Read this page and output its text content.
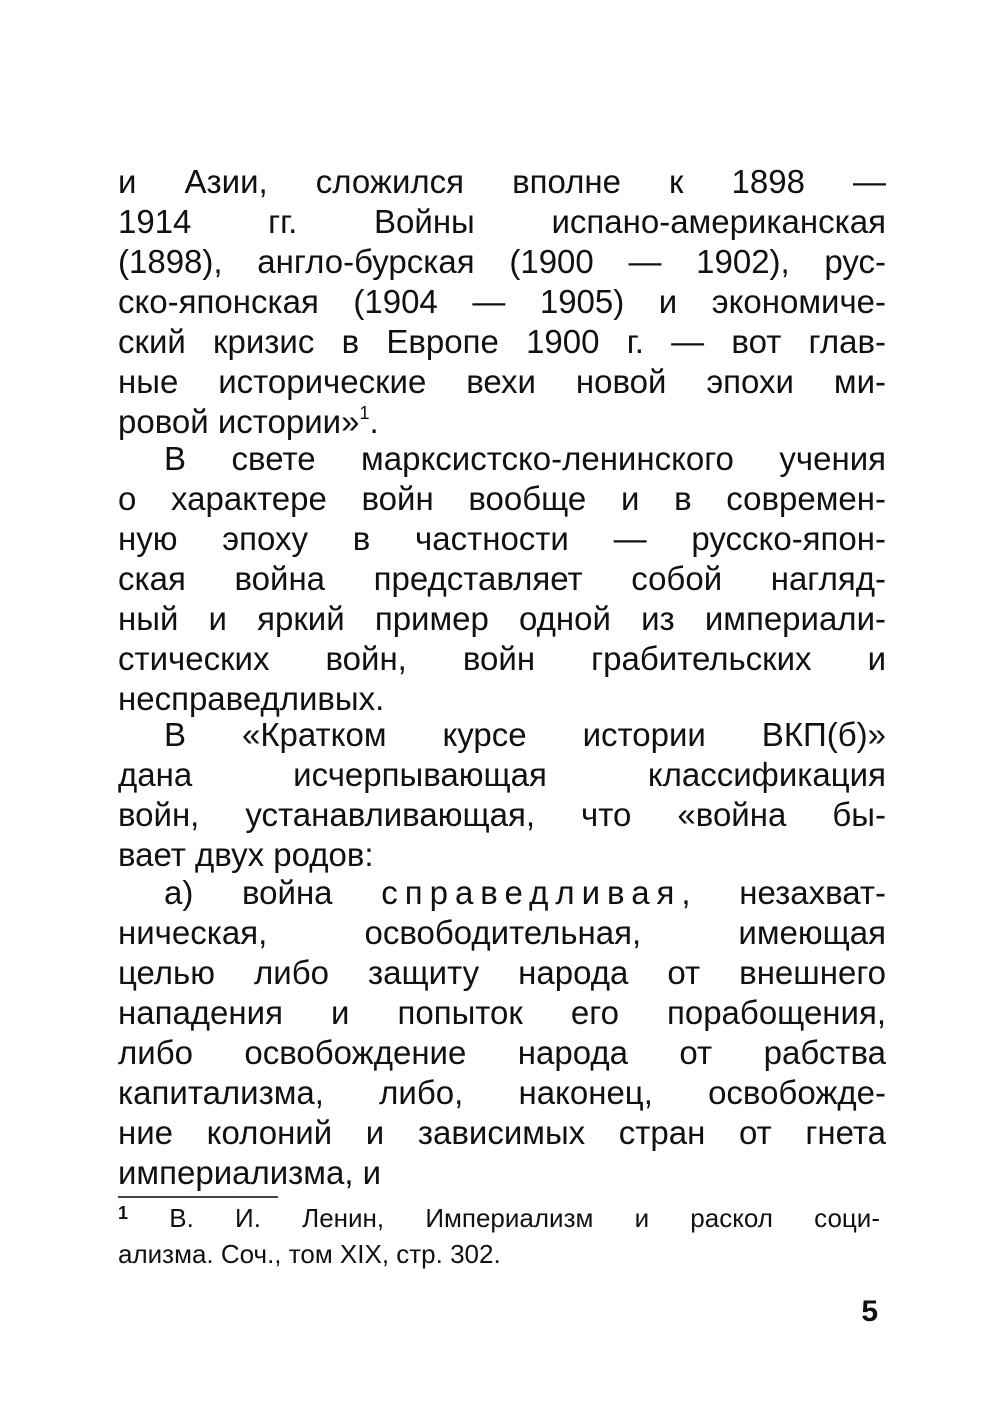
и Азии, сложился вполне к 1898 —
1914 гг. Войны испано-американская
(1898), англо-бурская (1900 — 1902), рус-
ско-японская (1904 — 1905) и экономиче-
ский кризис в Европе 1900 г. — вот глав-
ные исторические вехи новой эпохи ми-
ровой истории»$^1$.
В свете марксистско-ленинского учения
о характере войн вообще и в современ-
ную эпоху в частности — русско-япон-
ская война представляет собой нагляд-
ный и яркий пример одной из империали-
стических войн, войн грабительских и
несправедливых.
В «Кратком курсе истории ВКП(б)»
дана исчерпывающая классификация
войн, устанавливающая, что «война бы-
вает двух родов:
а) война справедливая, незахват-
ническая, освободительная, имеющая
целью либо защиту народа от внешнего
нападения и попыток его порабощения,
либо освобождение народа от рабства
капитализма, либо, наконец, освобожде-
ние колоний и зависимых стран от гнета
империализма, и
$^1$ В. И. Ленин, Империализм и раскол соци-
ализма. Соч., том XIX, стр. 302.
5
